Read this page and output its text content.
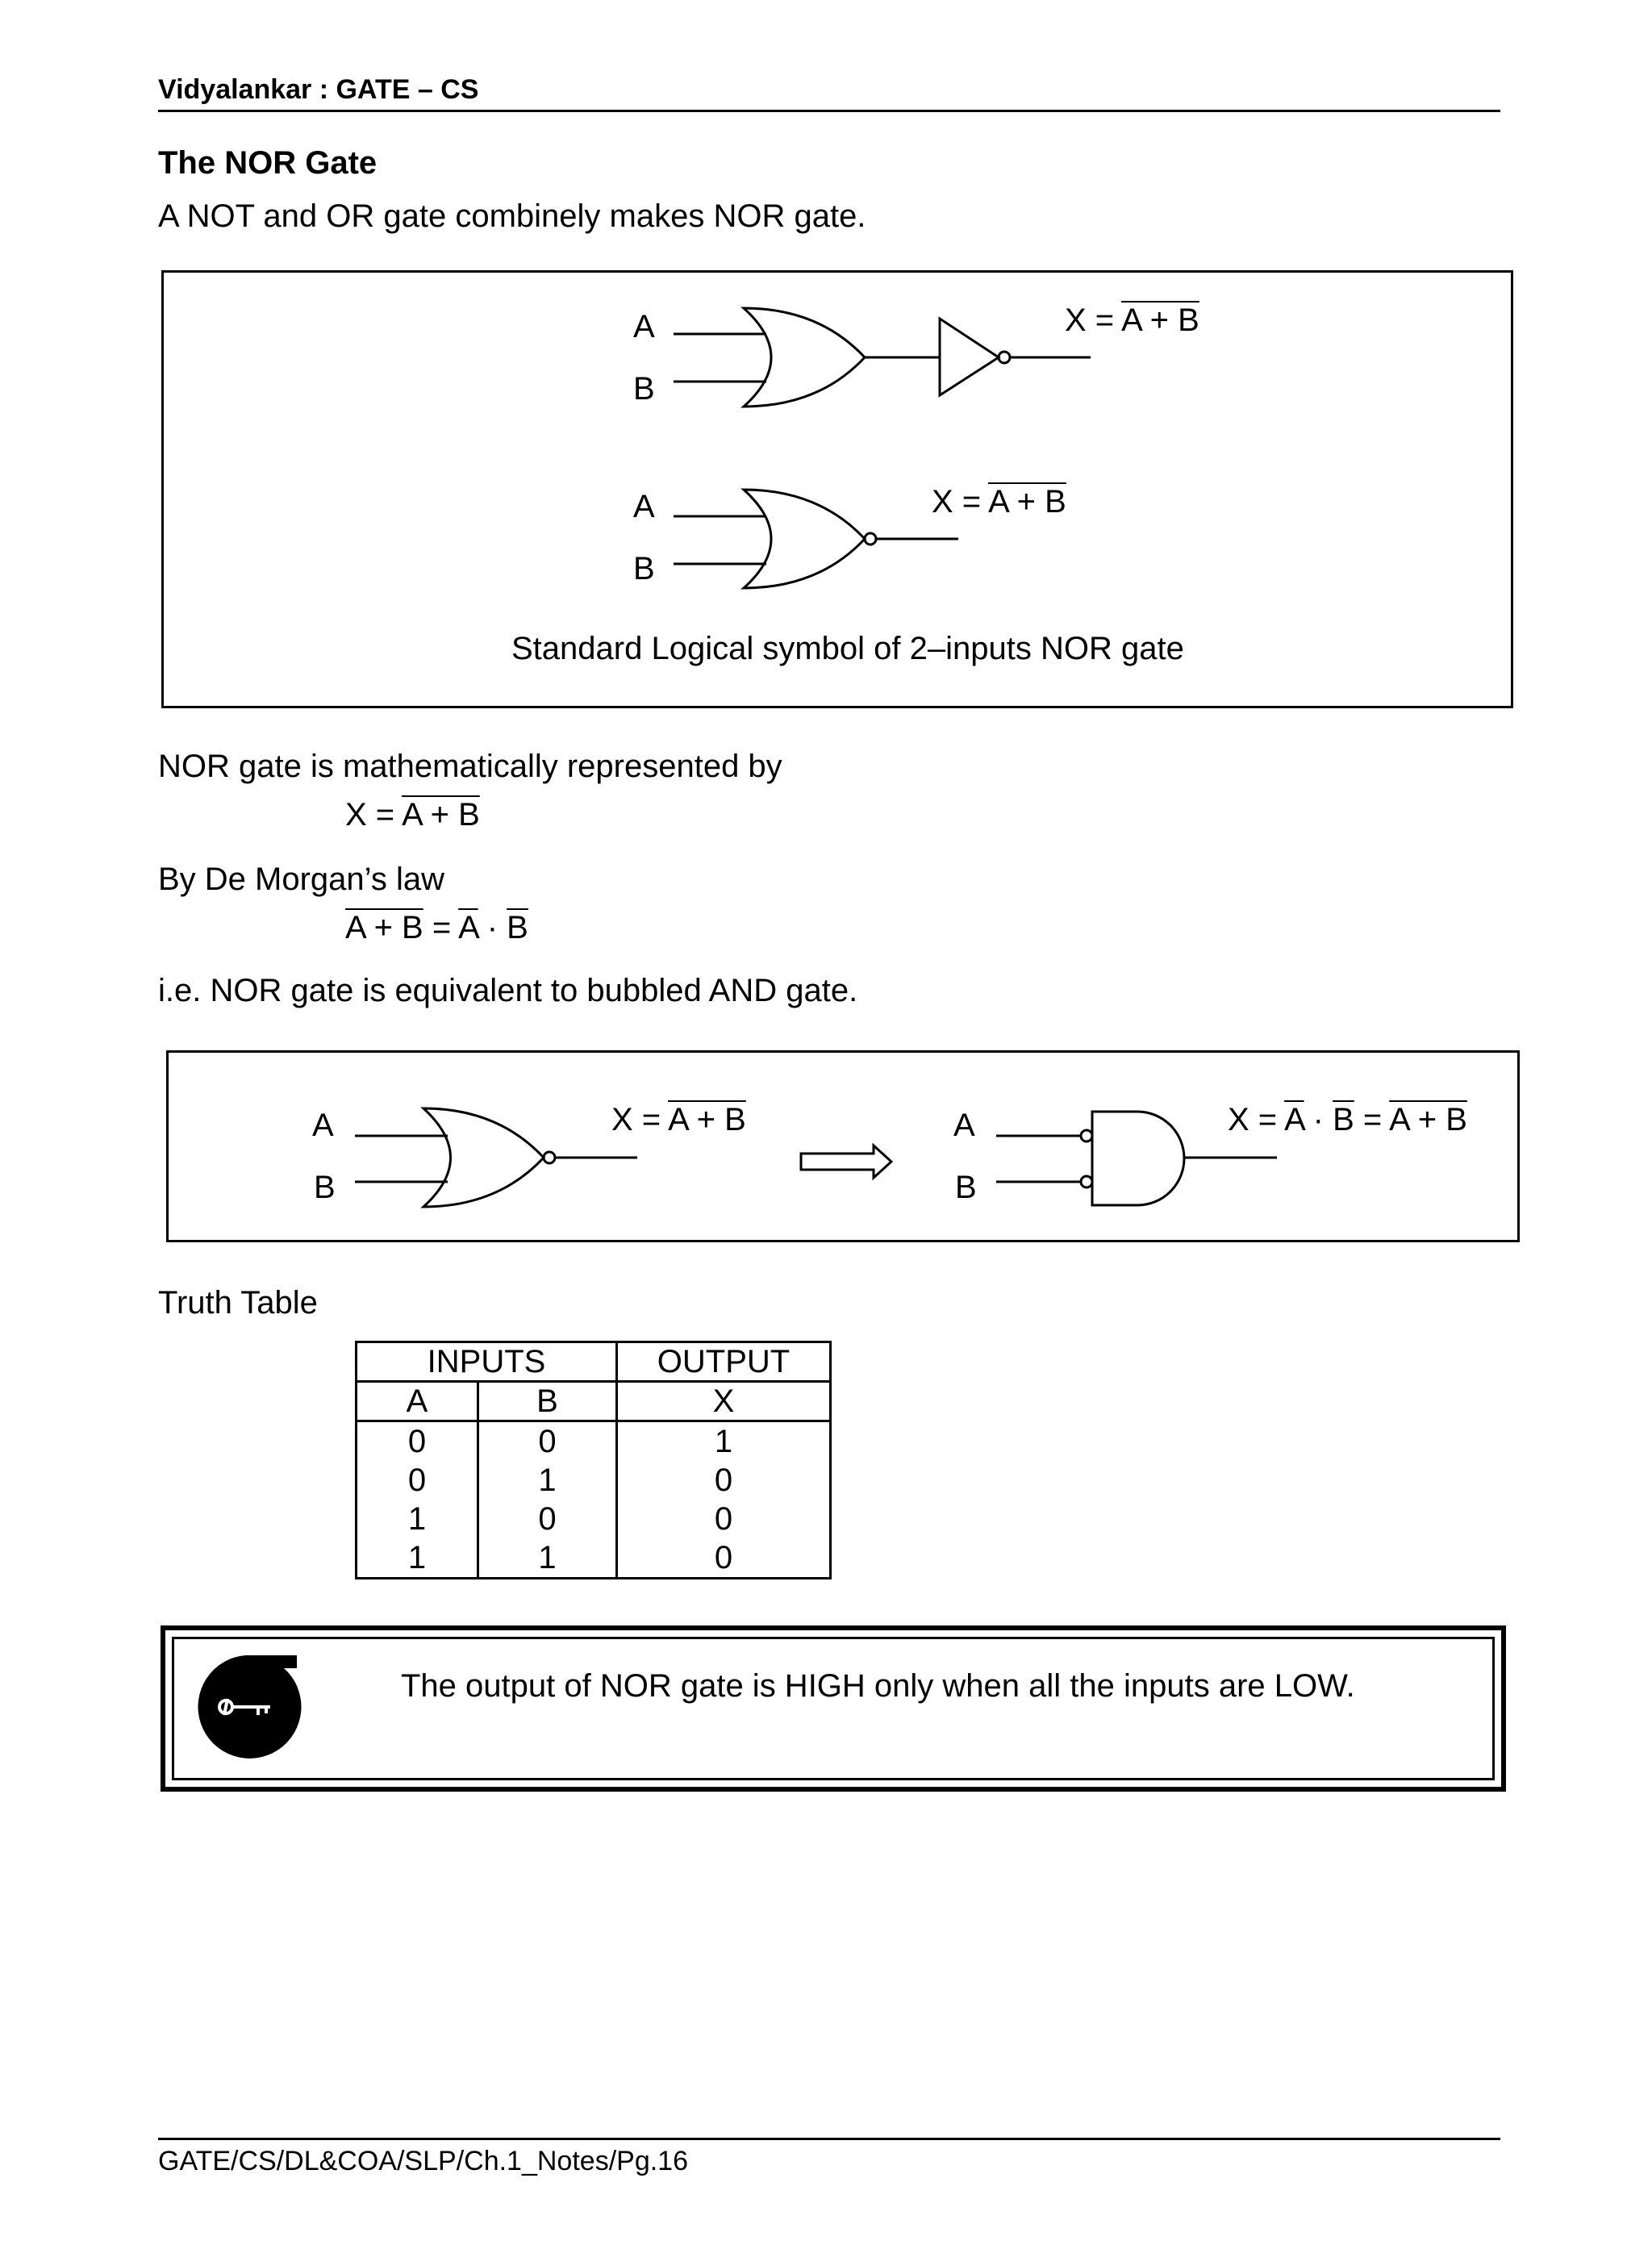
Vidyalankar : GATE – CS
The NOR Gate
A NOT and OR gate combinely makes NOR gate.
A
B
X = A + B
A
B
X = A + B
Standard Logical symbol of 2–inputs NOR gate
NOR gate is mathematically represented by
X = A + B
By De Morgan’s law
$A + B = \overline{A} \cdot \overline{B}$
i.e. NOR gate is equivalent to bubbled AND gate.
A
B
X = A + B	A
B
$X = \overline{A} \cdot \overline{B} = A + B$
Truth Table
INPUTS		OUTPUT
A	B	X
0	0	1
0	1	0
1	0	0
1	1	0
The output of NOR gate is HIGH only when all the inputs are LOW.
GATE/CS/DL&COA/SLP/Ch.1_Notes/Pg.16
